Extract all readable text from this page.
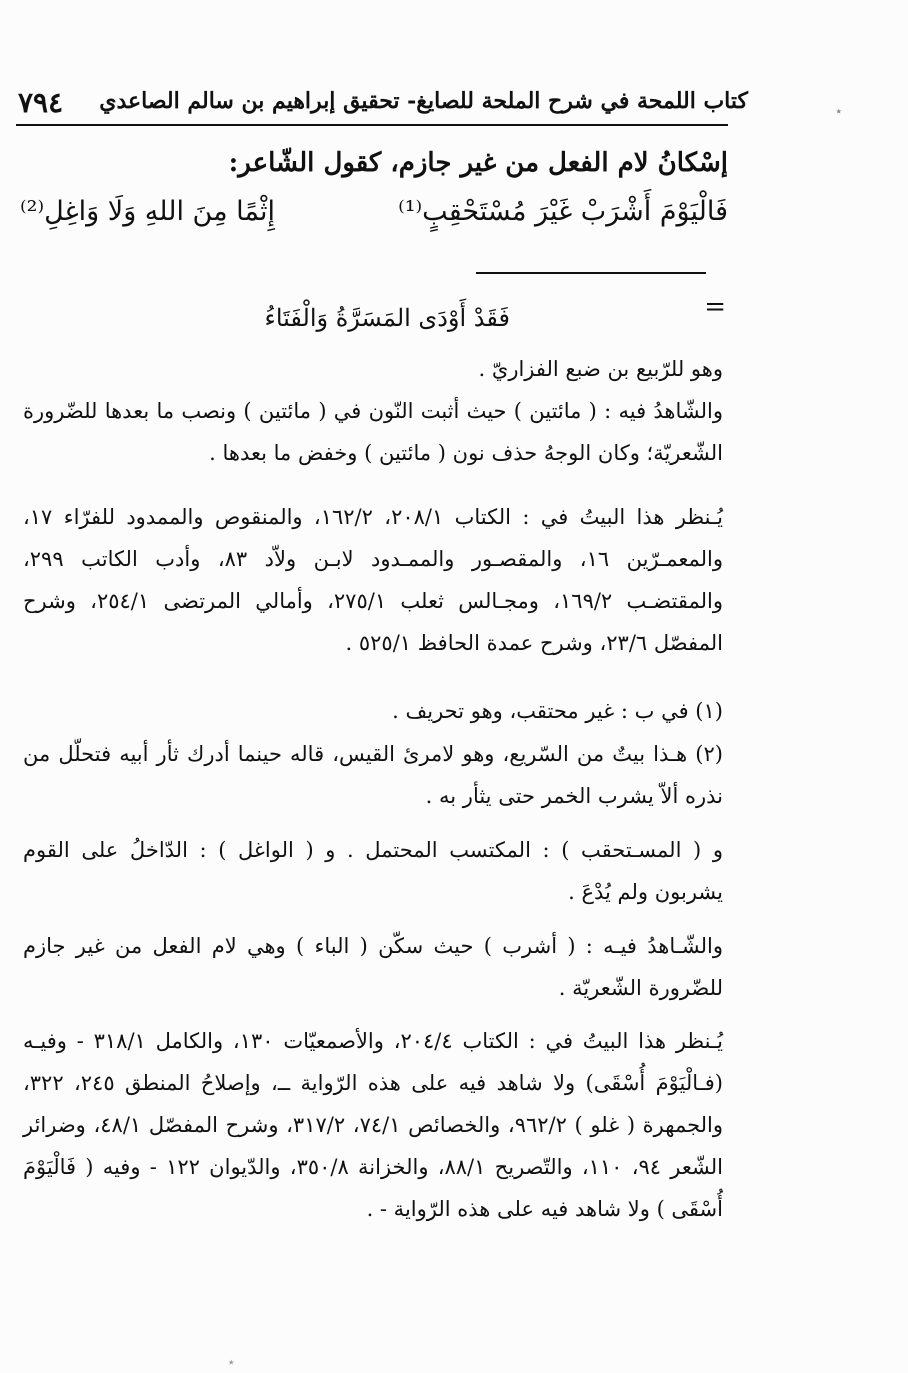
كتاب اللمحة في شرح الملحة للصايغ- تحقيق إبراهيم بن سالم الصاعدي
٧٩٤	٭
إسْكانُ لام الفعل من غير جازم، كقول الشّاعر:
فَالْيَوْمَ أَشْرَبْ غَيْرَ مُسْتَحْقِبٍ⁽¹⁾
إِثْمًا مِنَ اللهِ وَلَا وَاغِلِ⁽²⁾
=
فَقَدْ أَوْدَى المَسَرَّةُ وَالْفَتَاءُ

وهو للرّبيع بن ضبع الفزاريّ .

والشّاهدُ فيه : ( مائتين ) حيث أثبت النّون في ( مائتين ) ونصب ما بعدها للضّرورة الشّعريّة؛ وكان الوجهُ حذف نون ( مائتين ) وخفض ما بعدها .

يُـنظر هذا البيتُ في : الكتاب ٢٠٨/١، ١٦٢/٢، والمنقوص والممدود للفرّاء ١٧، والمعمـرّين ١٦، والمقصـور والممـدود لابـن ولاّد ٨٣، وأدب الكاتب ٢٩٩، والمقتضـب ١٦٩/٢، ومجـالس ثعلب ٢٧٥/١، وأمالي المرتضى ٢٥٤/١، وشرح المفصّل ٢٣/٦، وشرح عمدة الحافظ ٥٢٥/١ .

(١) في ب : غير محتقب، وهو تحريف .

(٢) هـذا بيتٌ من السّريع، وهو لامرئ القيس، قاله حينما أدرك ثأر أبيه فتحلّل من نذره ألاّ يشرب الخمر حتى يثأر به .

و ( المسـتحقب ) : المكتسب المحتمل . و ( الواغل ) : الدّاخلُ على القوم يشربون ولم يُدْعَ .

والشّـاهدُ فيـه : ( أشرب ) حيث سكّن ( الباء ) وهي لام الفعل من غير جازم للضّرورة الشّعريّة .

يُـنظر هذا البيتُ في : الكتاب ٢٠٤/٤، والأصمعيّات ١٣٠، والكامل ٣١٨/١ - وفيـه (فـالْيَوْمَ أُسْقَى) ولا شاهد فيه على هذه الرّواية ــ، وإصلاحُ المنطق ٢٤٥، ٣٢٢، والجمهرة ( غلو ) ٩٦٢/٢، والخصائص ٧٤/١، ٣١٧/٢، وشرح المفصّل ٤٨/١، وضرائر الشّعر ٩٤، ١١٠، والتّصريح ٨٨/١، والخزانة ٣٥٠/٨، والدّيوان ١٢٢ - وفيه ( فَالْيَوْمَ أُسْقَى ) ولا شاهد فيه على هذه الرّواية - .

٭
